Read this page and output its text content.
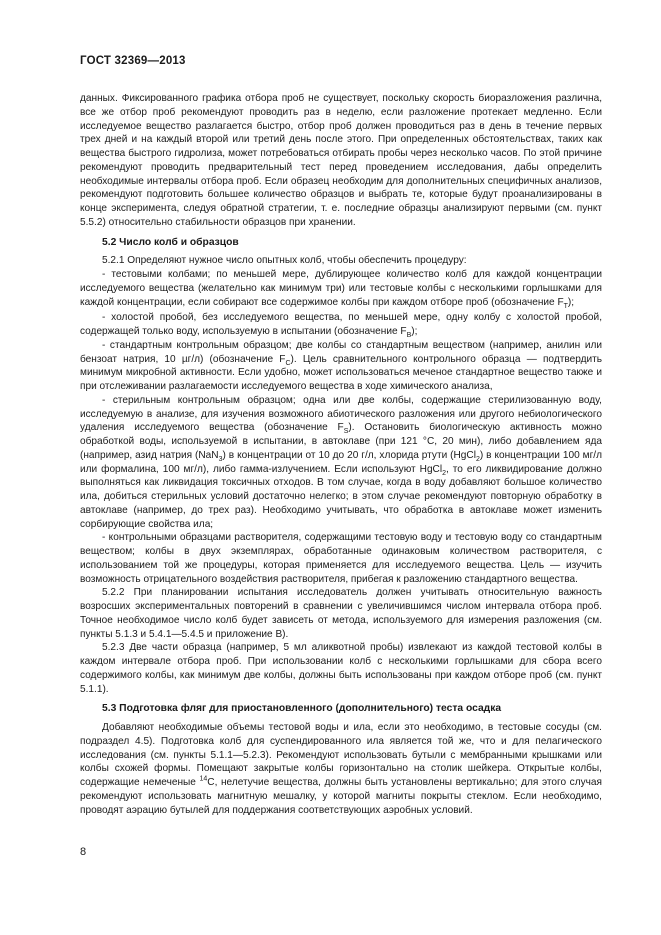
ГОСТ 32369—2013

данных. Фиксированного графика отбора проб не существует, поскольку скорость биоразложения различна, все же отбор проб рекомендуют проводить раз в неделю, если разложение протекает медленно. Если исследуемое вещество разлагается быстро, отбор проб должен проводиться раз в день в течение первых трех дней и на каждый второй или третий день после этого. При определенных обстоятельствах, таких как вещества быстрого гидролиза, может потребоваться отбирать пробы через несколько часов. По этой причине рекомендуют проводить предварительный тест перед проведением исследования, дабы определить необходимые интервалы отбора проб. Если образец необходим для дополнительных специфичных анализов, рекомендуют подготовить большее количество образцов и выбрать те, которые будут проанализированы в конце эксперимента, следуя обратной стратегии, т. е. последние образцы анализируют первыми (см. пункт 5.5.2) относительно стабильности образцов при хранении.

5.2 Число колб и образцов

5.2.1 Определяют нужное число опытных колб, чтобы обеспечить процедуру:

- тестовыми колбами; по меньшей мере, дублирующее количество колб для каждой концентрации исследуемого вещества (желательно как минимум три) или тестовые колбы с несколькими горлышками для каждой концентрации, если собирают все содержимое колбы при каждом отборе проб (обозначение $F_T$);

- холостой пробой, без исследуемого вещества, по меньшей мере, одну колбу с холостой пробой, содержащей только воду, используемую в испытании (обозначение $F_B$);

- стандартным контрольным образцом; две колбы со стандартным веществом (например, анилин или бензоат натрия, 10 µг/л) (обозначение $F_C$). Цель сравнительного контрольного образца — подтвердить минимум микробной активности. Если удобно, может использоваться меченое стандартное вещество также и при отслеживании разлагаемости исследуемого вещества в ходе химического анализа,

- стерильным контрольным образцом; одна или две колбы, содержащие стерилизованную воду, исследуемую в анализе, для изучения возможного абиотического разложения или другого небиологического удаления исследуемого вещества (обозначение $F_S$). Остановить биологическую активность можно обработкой воды, используемой в испытании, в автоклаве (при 121 °C, 20 мин), либо добавлением яда (например, азид натрия (NaN$_3$) в концентрации от 10 до 20 г/л, хлорида ртути (HgCl$_2$) в концентрации 100 мг/л или формалина, 100 мг/л), либо гамма-излучением. Если используют HgCl$_2$, то его ликвидирование должно выполняться как ликвидация токсичных отходов. В том случае, когда в воду добавляют большое количество ила, добиться стерильных условий достаточно нелегко; в этом случае рекомендуют повторную обработку в автоклаве (например, до трех раз). Необходимо учитывать, что обработка в автоклаве может изменить сорбирующие свойства ила;

- контрольными образцами растворителя, содержащими тестовую воду и тестовую воду со стандартным веществом; колбы в двух экземплярах, обработанные одинаковым количеством растворителя, с использованием той же процедуры, которая применяется для исследуемого вещества. Цель — изучить возможность отрицательного воздействия растворителя, прибегая к разложению стандартного вещества.

5.2.2 При планировании испытания исследователь должен учитывать относительную важность возросших экспериментальных повторений в сравнении с увеличившимся числом интервала отбора проб. Точное необходимое число колб будет зависеть от метода, используемого для измерения разложения (см. пункты 5.1.3 и 5.4.1—5.4.5 и приложение В).

5.2.3 Две части образца (например, 5 мл аликвотной пробы) извлекают из каждой тестовой колбы в каждом интервале отбора проб. При использовании колб с несколькими горлышками для сбора всего содержимого колбы, как минимум две колбы, должны быть использованы при каждом отборе проб (см. пункт 5.1.1).

5.3 Подготовка фляг для приостановленного (дополнительного) теста осадка

Добавляют необходимые объемы тестовой воды и ила, если это необходимо, в тестовые сосуды (см. подраздел 4.5). Подготовка колб для суспендированного ила является той же, что и для пелагического исследования (см. пункты 5.1.1—5.2.3). Рекомендуют использовать бутыли с мембранными крышками или колбы схожей формы. Помещают закрытые колбы горизонтально на столик шейкера. Открытые колбы, содержащие немеченые $^{14}$C, нелетучие вещества, должны быть установлены вертикально; для этого случая рекомендуют использовать магнитную мешалку, у которой магниты покрыты стеклом. Если необходимо, проводят аэрацию бутылей для поддержания соответствующих аэробных условий.

8
